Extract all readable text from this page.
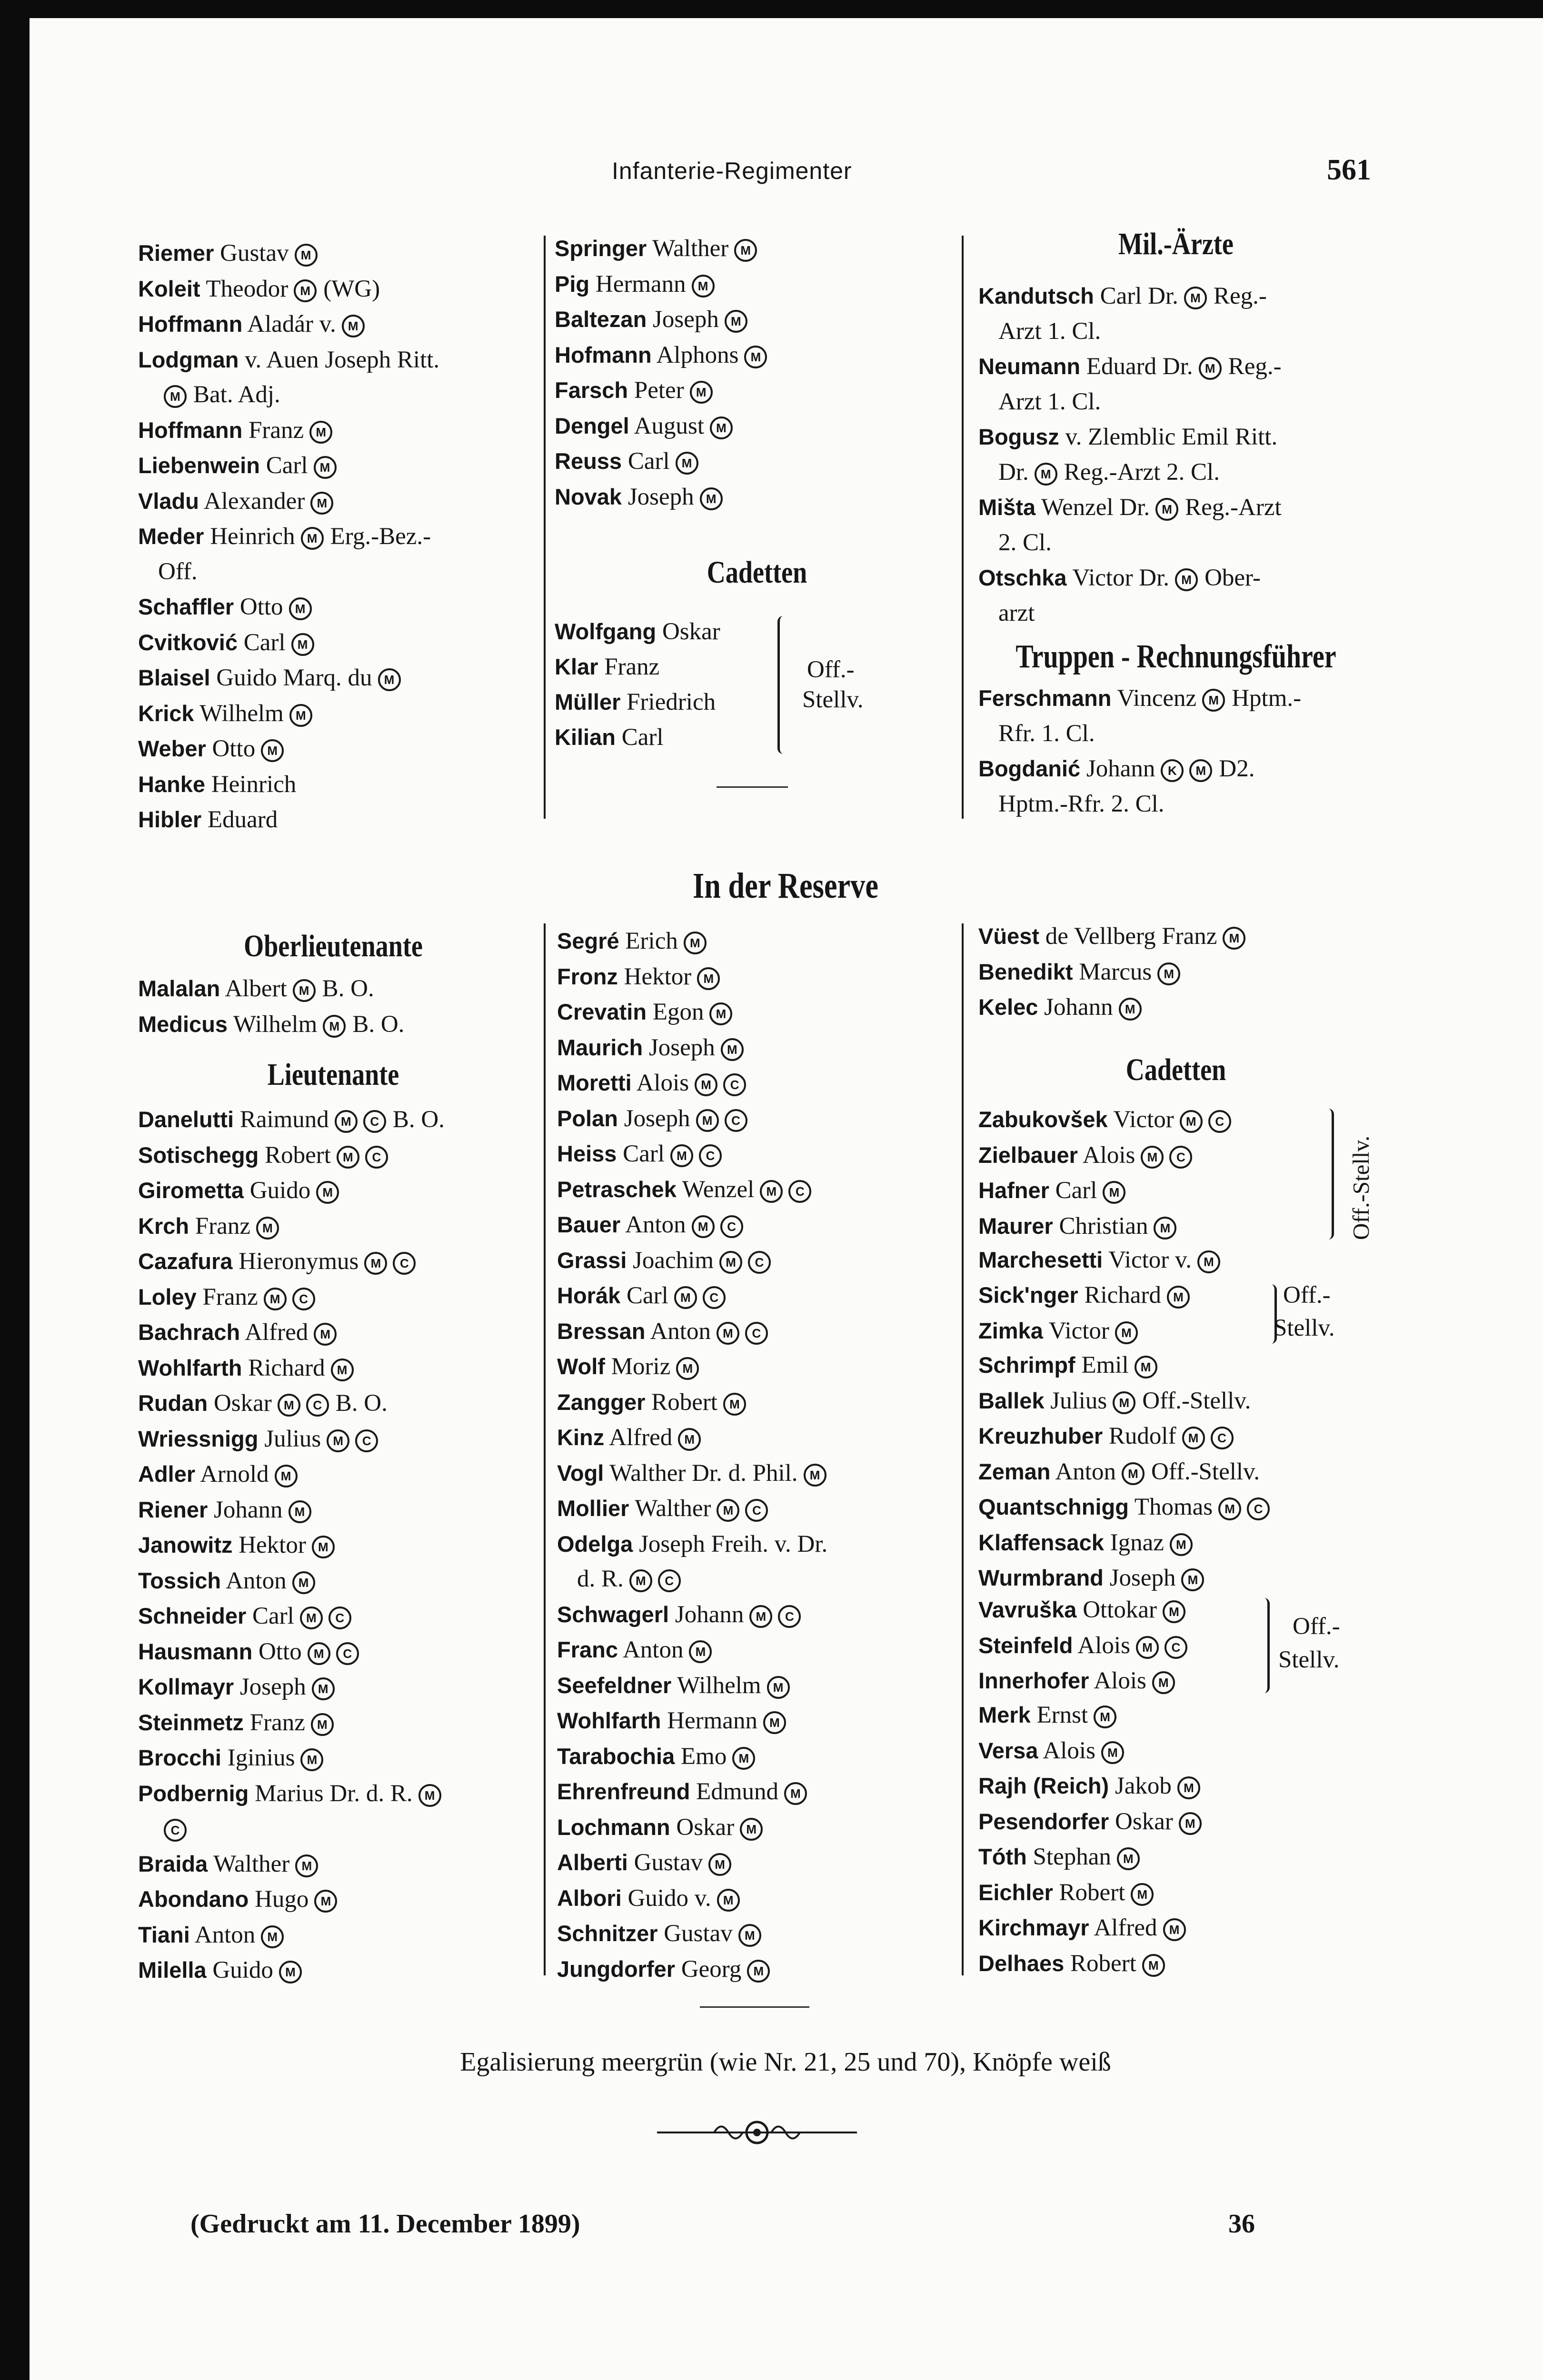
Infanterie-Regimenter	561
Riemer Gustav M
Koleit Theodor M (WG)
Hoffmann Aladár v. M
Lodgman v. Auen Joseph Ritt.
M Bat. Adj.
Hoffmann Franz M
Liebenwein Carl M
Vladu Alexander M
Meder Heinrich M Erg.-Bez.-
Off.
Schaffler Otto M
Cvitković Carl M
Blaisel Guido Marq. du M
Krick Wilhelm M
Weber Otto M
Hanke Heinrich
Hibler Eduard
Springer Walther M
Pig Hermann M
Baltezan Joseph M
Hofmann Alphons M
Farsch Peter M
Dengel August M
Reuss Carl M
Novak Joseph M
Cadetten
Wolfgang Oskar
Klar Franz
Müller Friedrich
Kilian Carl
Off.-
Stellv.
Mil.-Ärzte
Kandutsch Carl Dr. M Reg.-
Arzt 1. Cl.
Neumann Eduard Dr. M Reg.-
Arzt 1. Cl.
Bogusz v. Zlemblic Emil Ritt.
Dr. M Reg.-Arzt 2. Cl.
Mišta Wenzel Dr. M Reg.-Arzt
2. Cl.
Otschka Victor Dr. M Ober-
arzt
Truppen - Rechnungsführer
Ferschmann Vincenz M Hptm.-
Rfr. 1. Cl.
Bogdanić Johann K M D2.
Hptm.-Rfr. 2. Cl.
In der Reserve
Oberlieutenante
Malalan Albert M B. O.
Medicus Wilhelm M B. O.
Lieutenante
Danelutti Raimund M C B. O.
Sotischegg Robert M C
Girometta Guido M
Krch Franz M
Cazafura Hieronymus M C
Loley Franz M C
Bachrach Alfred M
Wohlfarth Richard M
Rudan Oskar M C B. O.
Wriessnigg Julius M C
Adler Arnold M
Riener Johann M
Janowitz Hektor M
Tossich Anton M
Schneider Carl M C
Hausmann Otto M C
Kollmayr Joseph M
Steinmetz Franz M
Brocchi Iginius M
Podbernig Marius Dr. d. R. M
C
Braida Walther M
Abondano Hugo M
Tiani Anton M
Milella Guido M
Segré Erich M
Fronz Hektor M
Crevatin Egon M
Maurich Joseph M
Moretti Alois M C
Polan Joseph M C
Heiss Carl M C
Petraschek Wenzel M C
Bauer Anton M C
Grassi Joachim M C
Horák Carl M C
Bressan Anton M C
Wolf Moriz M
Zangger Robert M
Kinz Alfred M
Vogl Walther Dr. d. Phil. M
Mollier Walther M C
Odelga Joseph Freih. v. Dr.
d. R. M C
Schwagerl Johann M C
Franc Anton M
Seefeldner Wilhelm M
Wohlfarth Hermann M
Tarabochia Emo M
Ehrenfreund Edmund M
Lochmann Oskar M
Alberti Gustav M
Albori Guido v. M
Schnitzer Gustav M
Jungdorfer Georg M
Vüest de Vellberg Franz M
Benedikt Marcus M
Kelec Johann M
Cadetten
Zabukovšek Victor M C
Zielbauer Alois M C
Hafner Carl M
Maurer Christian M	Off.-Stellv.
Marchesetti Victor v. M
Sick'nger Richard M
Zimka Victor M
Off.-
Stellv.
Schrimpf Emil M
Ballek Julius M Off.-Stellv.
Kreuzhuber Rudolf M C
Zeman Anton M Off.-Stellv.
Quantschnigg Thomas M C
Klaffensack Ignaz M
Wurmbrand Joseph M
Vavruška Ottokar M
Steinfeld Alois M C
Innerhofer Alois M
Off.-
Stellv.
Merk Ernst M
Versa Alois M
Rajh (Reich) Jakob M
Pesendorfer Oskar M
Tóth Stephan M
Eichler Robert M
Kirchmayr Alfred M
Delhaes Robert M
Egalisierung meergrün (wie Nr. 21, 25 und 70), Knöpfe weiß
(Gedruckt am 11. December 1899)	36
